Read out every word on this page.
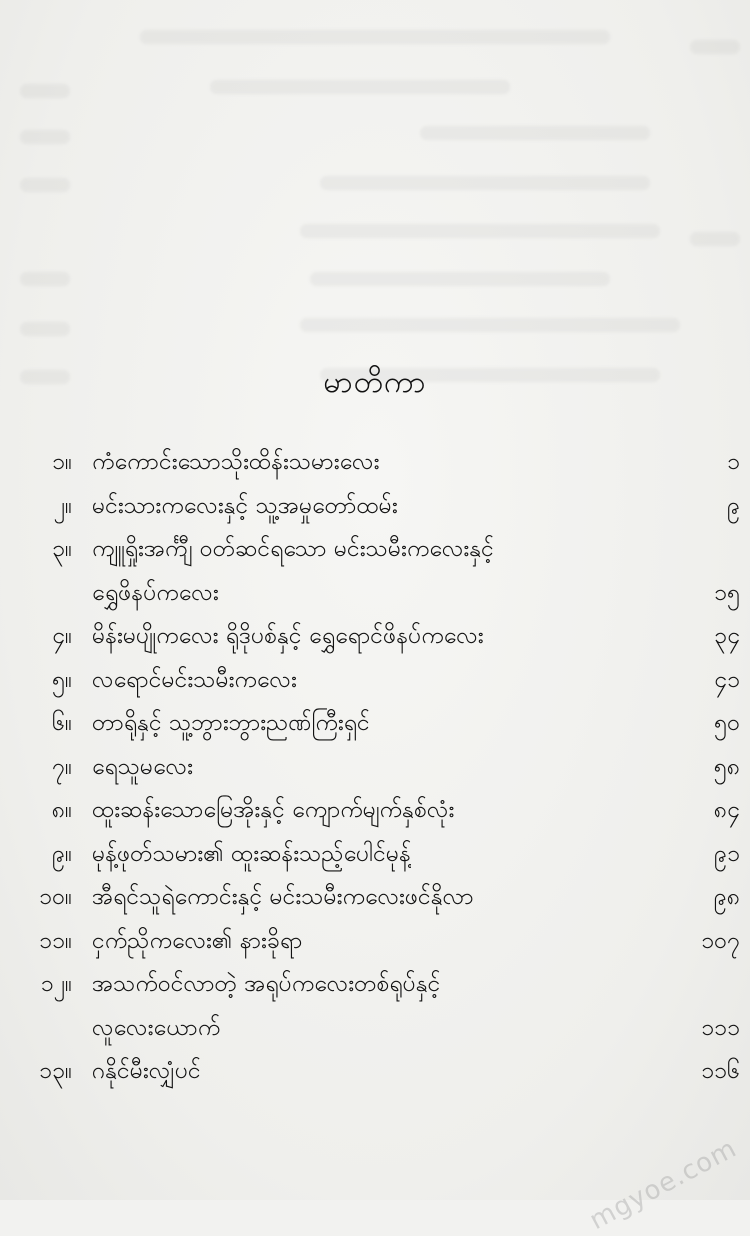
မာတိကာ
၁။ ကံကောင်းသောသိုးထိန်းသမားလေး	၁
၂။ မင်းသားကလေးနှင့် သူ့အမှုတော်ထမ်း	၉
၃။ ကျူရှိုးအင်္ကျီ ဝတ်ဆင်ရသော မင်းသမီးကလေးနှင့်
ရွှေဖိနပ်ကလေး	၁၅
၄။ မိန်းမပျိုကလေး ရိုဒိုပစ်နှင့် ရွှေရောင်ဖိနပ်ကလေး	၃၄
၅။ လရောင်မင်းသမီးကလေး	၄၁
၆။ တာရိုနှင့် သူ့ဘွားဘွားညဏ်ကြီးရှင်	၅၀
၇။ ရေသူမလေး	၅၈
၈။ ထူးဆန်းသောမြေအိုးနှင့် ကျောက်မျက်နှစ်လုံး	၈၄
၉။ မုန့်ဖုတ်သမား၏ ထူးဆန်းသည့်ပေါင်မုန့်	၉၁
၁၀။ အီရင်သူရဲကောင်းနှင့် မင်းသမီးကလေးဖင်နိုလာ	၉၈
၁၁။ ငှက်ညိုကလေး၏ နားခိုရာ	၁၀၇
၁၂။ အသက်ဝင်လာတဲ့ အရုပ်ကလေးတစ်ရုပ်နှင့်
လူလေးယောက်	၁၁၁
၁၃။ ဂနိုင်မီးလျှံပင်	၁၁၆
mgyoe.com
